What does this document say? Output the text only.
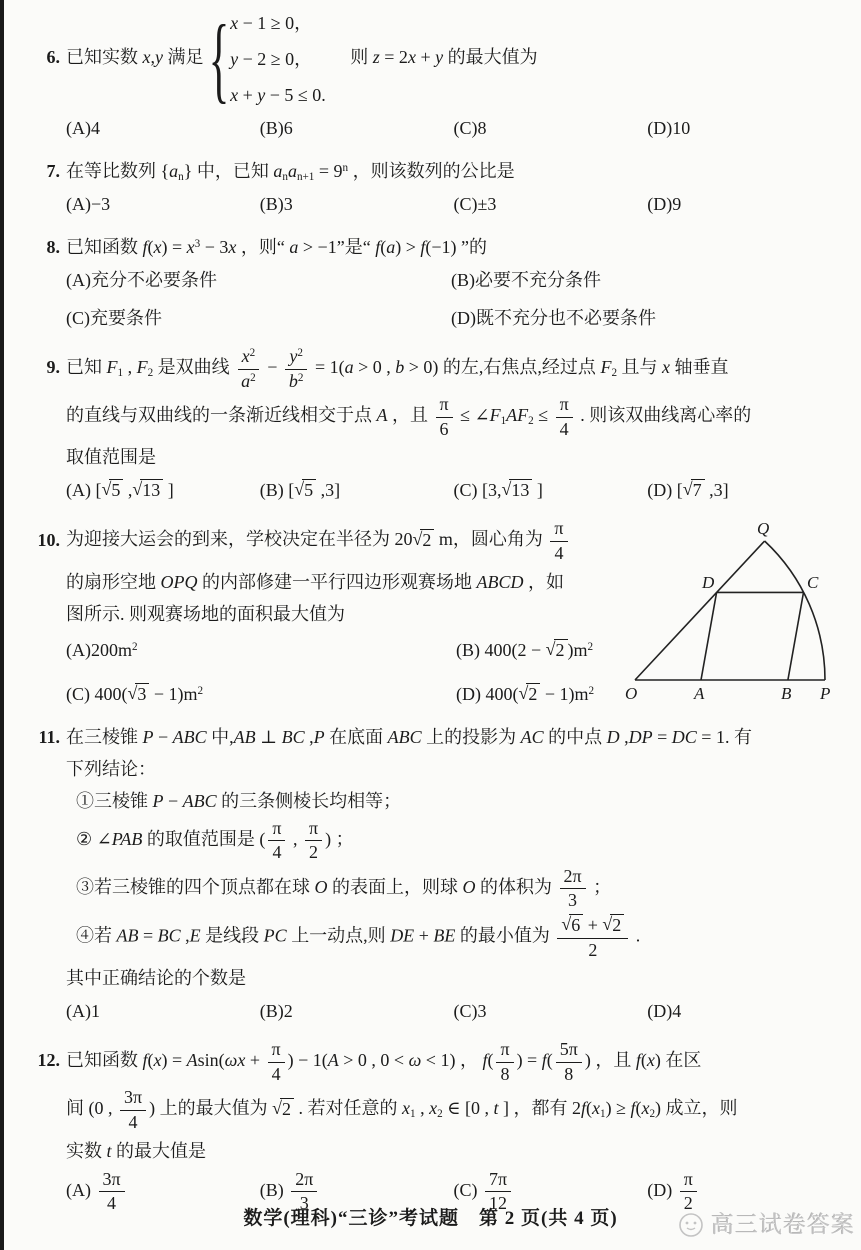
6. 已知实数 x,y 满足 { x − 1 ≥ 0，
y − 2 ≥ 0，
x + y − 5 ≤ 0.
　 则 z = 2x + y 的最大值为
(A)4	(B)6	(C)8	(D)10
7. 在等比数列 {an} 中，已知 anan+1 = $9^n$ ，则该数列的公比是
(A)−3	(B)3	(C)±3	(D)9
8. 已知函数 $f(x) = x^3 - 3x$ ，则“ a > −1”是“ f(a) > f(−1) ”的
(A)充分不必要条件	(B)必要不充分条件
(C)充要条件	(D)既不充分也不必要条件
9. 已知 F1 , F2 是双曲线 $\frac{x^2}{a^2} - \frac{y^2}{b^2} = 1(a > 0$ , b > 0) 的左,右焦点,经过点 F2 且与 x 轴垂直
的直线与双曲线的一条渐近线相交于点 A ，且 $\frac{\pi}{6}$ ≤ ∠F1AF2 ≤ $\frac{\pi}{4}$ . 则该双曲线离心率的
取值范围是
(A) [√5 ,√13 ]	(B) [√5 ,3]	(C) [3,√13 ]	(D) [√7 ,3]
10. 为迎接大运会的到来，学校决定在半径为 20√2 m，圆心角为 $\frac{\pi}{4}$
的扇形空地 OPQ 的内部修建一平行四边形观赛场地 ABCD ，如
图所示. 则观赛场地的面积最大值为
$(A)200m^2$	(B) 400(2 − √2 )$m^2$
(C) $400(√3 - 1)m^2$	(D) $400(√2 - 1)m^2$	O	A	B P
Q
D	C
11. 在三棱锥 P − ABC 中,AB ⊥ BC ,P 在底面 ABC 上的投影为 AC 的中点 D ,DP = DC = 1. 有
下列结论：
①三棱锥 P − ABC 的三条侧棱长均相等；
② ∠PAB 的取值范围是 ( $\frac{\pi}{4}$ , $\frac{\pi}{2}$ ) ；
③若三棱锥的四个顶点都在球 O 的表面上，则球 O 的体积为 $\frac{2\pi}{3}$ ；
④若 AB = BC ,E 是线段 PC 上一动点,则 DE + BE 的最小值为 $\frac{√6 + √2}{2}$ .
其中正确结论的个数是
(A)1	(B)2	(C)3	(D)4
12. 已知函数 $f(x) = Asin(\omega x + \frac{\pi}{4}$ ) − 1(A > 0 , 0 < ω < 1) ， $f( \frac{\pi}{8}$ ) = $f( \frac{5\pi}{8}$ ) ，且 f(x) 在区
间 (0 , $\frac{3\pi}{4}$ ) 上的最大值为 √2 . 若对任意的 x1 , x2 ∈ [0 , t ] ，都有 2f(x1) ≥ f(x2) 成立，则
实数 t 的最大值是
$(A) \frac{3\pi}{4}$	$(B) \frac{2\pi}{3}$	$(C) \frac{7\pi}{12}$	$(D) \frac{\pi}{2}$
数学(理科)“三诊”考试题　第 2 页(共 4 页)	高三试卷答案
